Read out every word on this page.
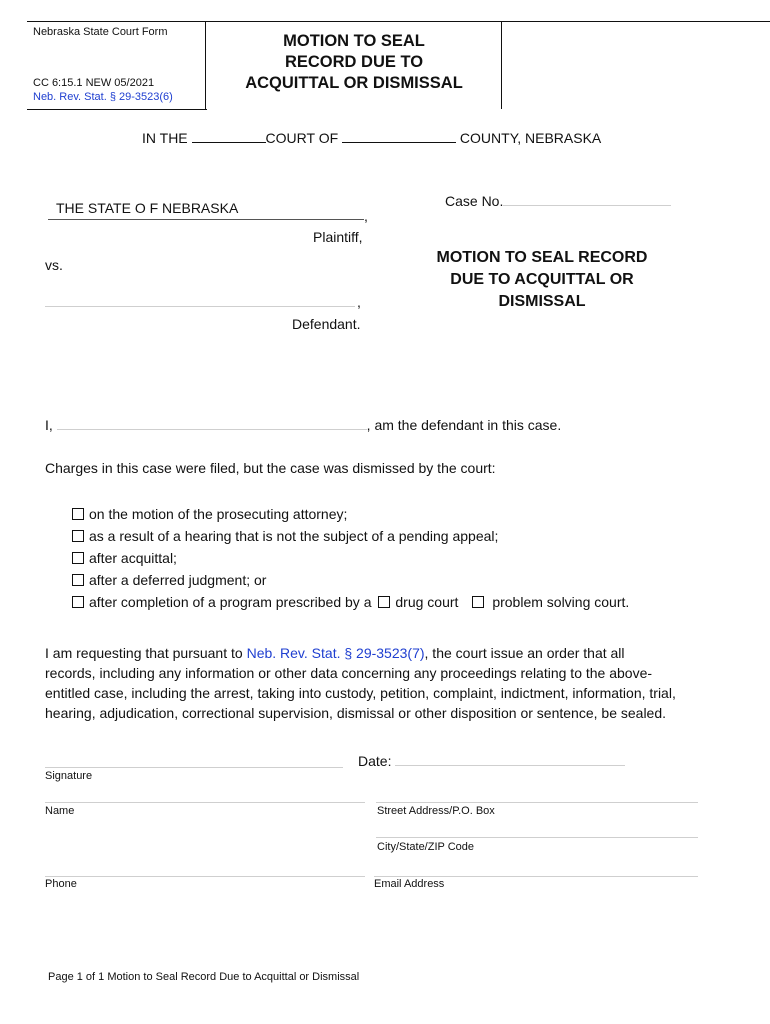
Nebraska State Court Form
CC 6:15.1 NEW 05/2021
Neb. Rev. Stat. § 29-3523(6)
MOTION TO SEAL
RECORD DUE TO
ACQUITTAL OR DISMISSAL
IN THE	COURT OF	COUNTY, NEBRASKA
THE STATE O F NEBRASKA	,
Plaintiff,
vs.
,
Defendant.
Case No.
MOTION TO SEAL RECORD
DUE TO ACQUITTAL OR
DISMISSAL
I,	, am the defendant in this case.
Charges in this case were filed, but the case was dismissed by the court:
on the motion of the prosecuting attorney;
as a result of a hearing that is not the subject of a pending appeal;
after acquittal;
after a deferred judgment; or
after completion of a program prescribed by a drug court problem solving court.
I am requesting that pursuant to Neb. Rev. Stat. § 29-3523(7), the court issue an order that all
records, including any information or other data concerning any proceedings relating to the above-
entitled case, including the arrest, taking into custody, petition, complaint, indictment, information, trial,
hearing, adjudication, correctional supervision, dismissal or other disposition or sentence, be sealed.
Signature
Date:
Name	Street Address/P.O. Box
City/State/ZIP Code
Phone	Email Address
Page 1 of 1 Motion to Seal Record Due to Acquittal or Dismissal
